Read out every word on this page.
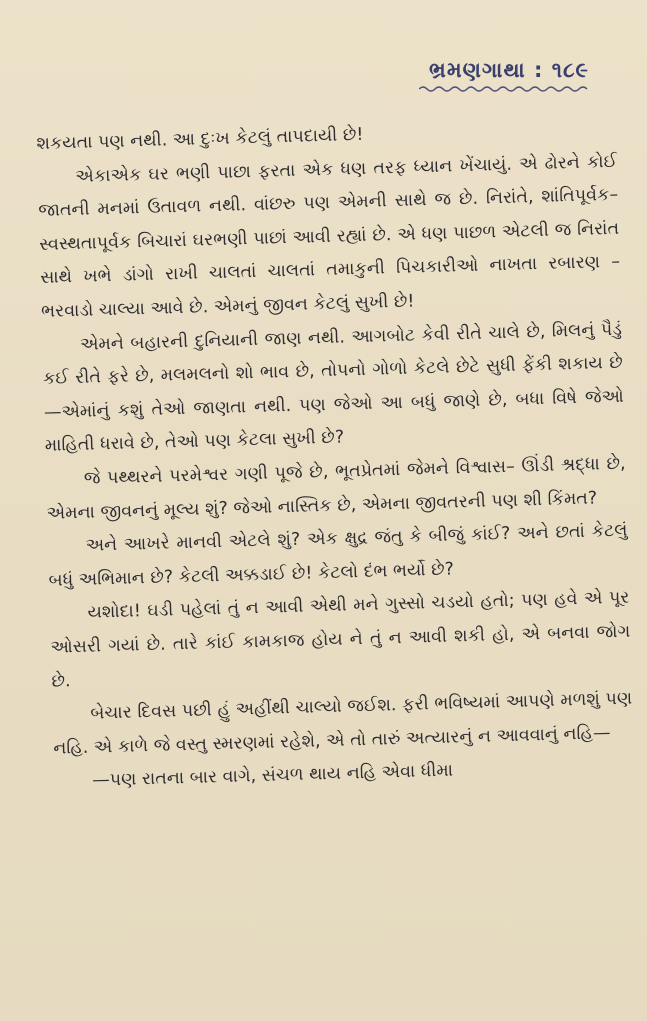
ભ્રમણગાથા : ૧૮૯

શકયતા પણ નથી. આ દુઃખ કેટલું તાપદાયી છે!

એકાએક ઘર ભણી પાછા ફરતા એક ધણ તરફ ધ્યાન ખેંચાયું. એ ઢોરને કોઈ જાતની મનમાં ઉતાવળ નથી. વાંછરુ પણ એમની સાથે જ છે. નિરાંતે, શાંતિપૂર્વક–સ્વસ્થતાપૂર્વક બિચારાં ઘરભણી પાછાં આવી રહ્યાં છે. એ ધણ પાછળ એટલી જ નિરાંત સાથે ખભે ડાંગો રાખી ચાલતાં ચાલતાં તમાકુની પિચકારીઓ નાખતા રબારણ – ભરવાડો ચાલ્યા આવે છે. એમનું જીવન કેટલું સુખી છે!

એમને બહારની દુનિયાની જાણ નથી. આગબોટ કેવી રીતે ચાલે છે, મિલનું પૈડું કઈ રીતે ફરે છે, મલમલનો શો ભાવ છે, તોપનો ગોળો કેટલે છેટે સુધી ફેંકી શકાય છે—એમાંનું કશું તેઓ જાણતા નથી. પણ જેઓ આ બધું જાણે છે, બધા વિષે જેઓ માહિતી ધરાવે છે, તેઓ પણ કેટલા સુખી છે?

જે પથ્થરને પરમેશ્વર ગણી પૂજે છે, ભૂતપ્રેતમાં જેમને વિશ્વાસ– ઊંડી શ્રદ્ધા છે, એમના જીવનનું મૂલ્ય શું? જેઓ નાસ્તિક છે, એમના જીવતરની પણ શી કિંમત?

અને આખરે માનવી એટલે શું? એક ક્ષુદ્ર જંતુ કે બીજું કાંઈ? અને છતાં કેટલું બધું અભિમાન છે? કેટલી અક્કડાઈ છે! કેટલો દંભ ભર્યો છે?

યશોદા! ઘડી પહેલાં તું ન આવી એથી મને ગુસ્સો ચડયો હતો; પણ હવે એ પૂર ઓસરી ગયાં છે. તારે કાંઈ કામકાજ હોય ને તું ન આવી શકી હો, એ બનવા જોગ છે.

બેચાર દિવસ પછી હું અહીંથી ચાલ્યો જઈશ. ફરી ભવિષ્યમાં આપણે મળશું પણ નહિ. એ કાળે જે વસ્તુ સ્મરણમાં રહેશે, એ તો તારું અત્યારનું ન આવવાનું નહિ—

—પણ રાતના બાર વાગે, સંચળ થાય નહિ એવા ધીમા
